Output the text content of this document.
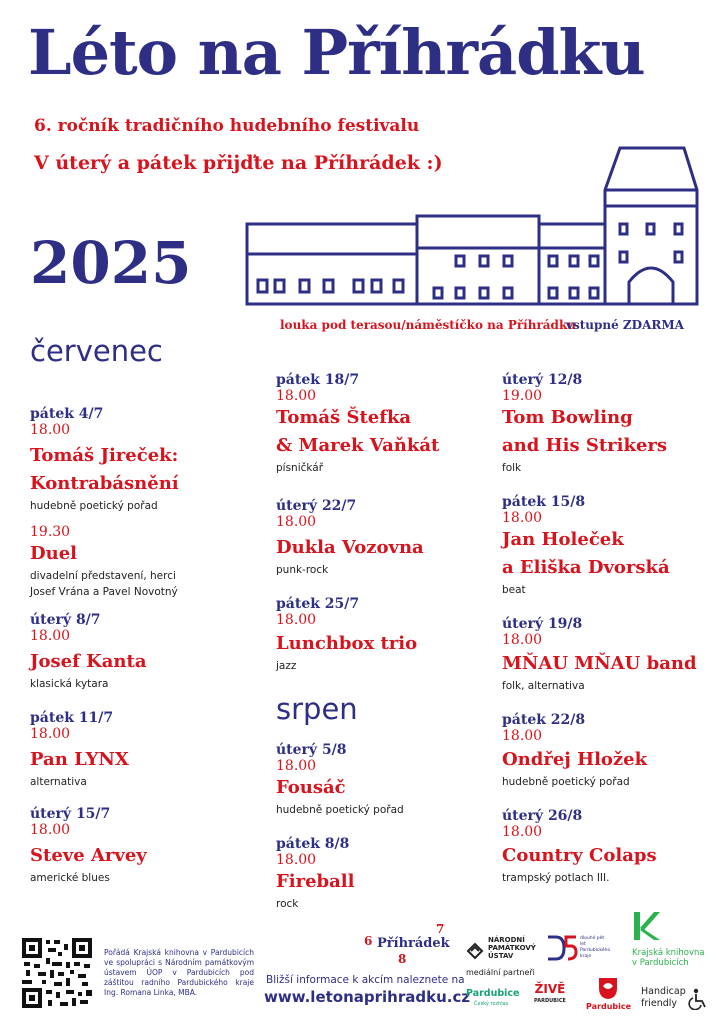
Léto na Příhrádku
6. ročník tradičního hudebního festivalu
V úterý a pátek přijďte na Příhrádek :)
2025
louka pod terasou/náměstíčko na Příhrádku
vstupné ZDARMA
červenec
srpen
pátek 4/7
18.00
Tomáš Jireček:
Kontrabásnění
hudebně poetický pořad
19.30
Duel
divadelní představení, herci
Josef Vrána a Pavel Novotný
úterý 8/7
18.00
Josef Kanta
klasická kytara
pátek 11/7
18.00
Pan LYNX
alternativa
úterý 15/7
18.00
Steve Arvey
americké blues
pátek 18/7
18.00
Tomáš Štefka
& Marek Vaňkát
písničkář
úterý 22/7
18.00
Dukla Vozovna
punk-rock
pátek 25/7
18.00
Lunchbox trio
jazz
úterý 5/8
18.00
Fousáč
hudebně poetický pořad
pátek 8/8
18.00
Fireball
rock
úterý 12/8
19.00
Tom Bowling
and His Strikers
folk
pátek 15/8
18.00
Jan Holeček
a Eliška Dvorská
beat
úterý 19/8
18.00
MŇAU MŇAU band
folk, alternativa
pátek 22/8
18.00
Ondřej Hložek
hudebně poetický pořad
úterý 26/8
18.00
Country Colaps
trampský potlach III.
Pořádá Krajská knihovna v Pardubicích ve spolupráci s Národním památkovým ústavem ÚOP v Pardubicích pod záštitou radního Pardubického kraje Ing. Romana Linka, MBA.
7
6 Příhrádek
8
Bližší informace k akcím naleznete na
www.letonaprihradku.cz
NÁRODNÍ
PAMÁTKOVÝ
ÚSTAV
dlouhé pět let Pardubického kraje
mediální partneři
Krajská knihovna
v Pardubicích
Pardubice
Český rozhlas
ŽIVĚ
PARDUBICE
Pardubice
Handicap
friendly
